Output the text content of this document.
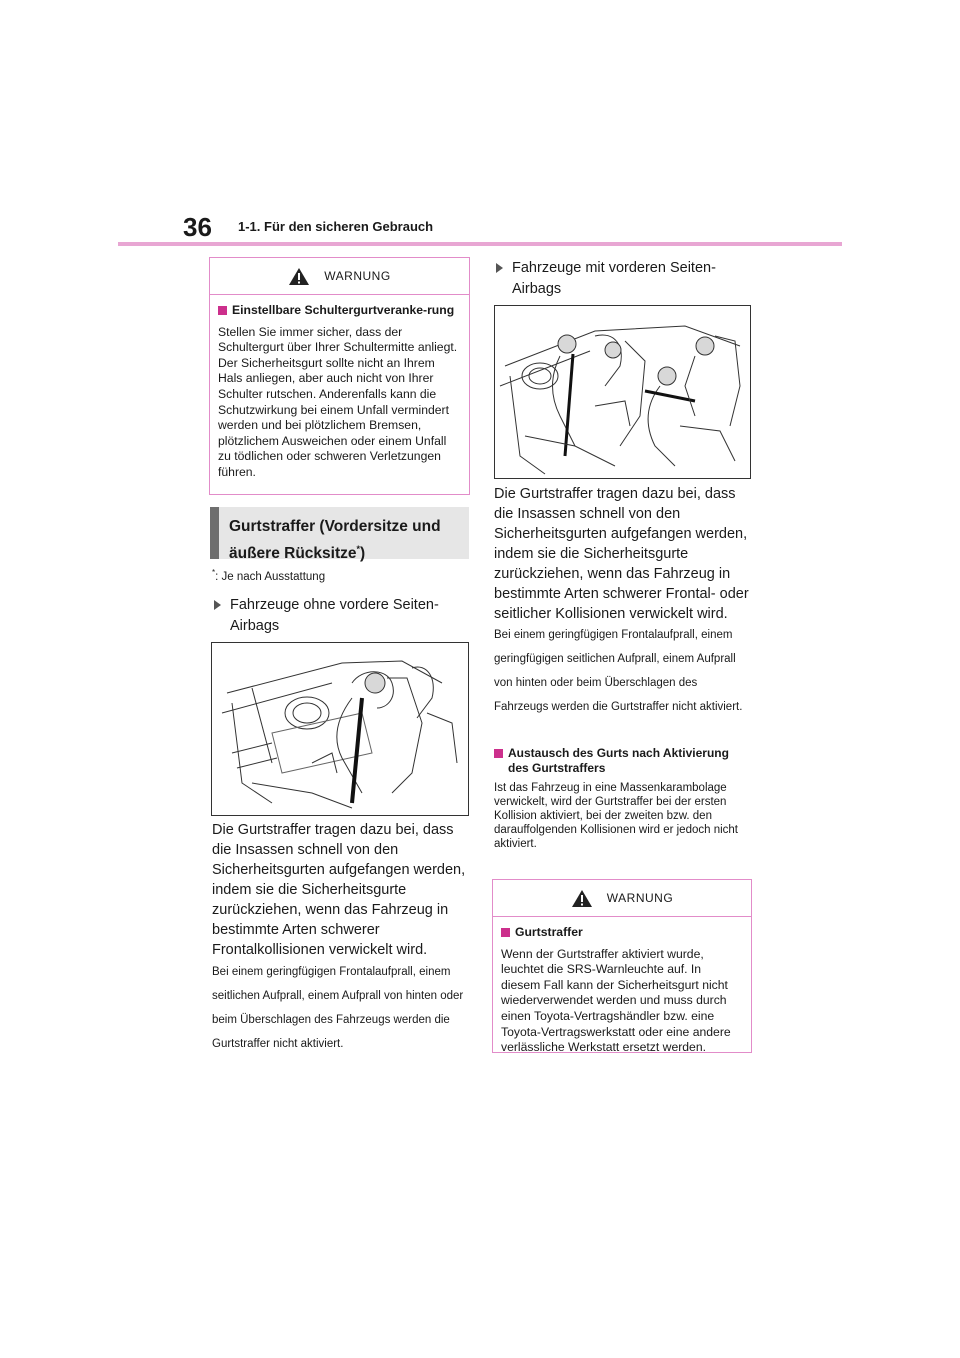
36 1-1. Für den sicheren Gebrauch
WARNUNG
Einstellbare Schultergurtveranke-rung
Stellen Sie immer sicher, dass der Schultergurt über Ihrer Schultermitte anliegt. Der Sicherheitsgurt sollte nicht an Ihrem Hals anliegen, aber auch nicht von Ihrer Schulter rutschen. Anderenfalls kann die Schutzwirkung bei einem Unfall vermindert werden und bei plötzlichem Bremsen, plötzlichem Ausweichen oder einem Unfall zu tödlichen oder schweren Verletzungen führen.
Gurtstraffer (Vordersitze und
äußere Rücksitze*)
*: Je nach Ausstattung
Fahrzeuge ohne vordere Seiten-Airbags
Die Gurtstraffer tragen dazu bei, dass die Insassen schnell von den Sicherheitsgurten aufgefangen werden, indem sie die Sicherheitsgurte zurückziehen, wenn das Fahrzeug in bestimmte Arten schwerer Frontalkollisionen verwickelt wird.
Bei einem geringfügigen Frontalaufprall, einem seitlichen Aufprall, einem Aufprall von hinten oder beim Überschlagen des Fahrzeugs werden die Gurtstraffer nicht aktiviert.
Fahrzeuge mit vorderen Seiten-Airbags
Die Gurtstraffer tragen dazu bei, dass die Insassen schnell von den Sicherheitsgurten aufgefangen werden, indem sie die Sicherheitsgurte zurückziehen, wenn das Fahrzeug in bestimmte Arten schwerer Frontal- oder seitlicher Kollisionen verwickelt wird.
Bei einem geringfügigen Frontalaufprall, einem geringfügigen seitlichen Aufprall, einem Aufprall von hinten oder beim Überschlagen des Fahrzeugs werden die Gurtstraffer nicht aktiviert.
Austausch des Gurts nach Aktivierung des Gurtstraffers
Ist das Fahrzeug in eine Massenkarambolage verwickelt, wird der Gurtstraffer bei der ersten Kollision aktiviert, bei der zweiten bzw. den darauffolgenden Kollisionen wird er jedoch nicht aktiviert.
WARNUNG
Gurtstraffer
Wenn der Gurtstraffer aktiviert wurde, leuchtet die SRS-Warnleuchte auf. In diesem Fall kann der Sicherheitsgurt nicht wiederverwendet werden und muss durch einen Toyota-Vertragshändler bzw. eine Toyota-Vertragswerkstatt oder eine andere verlässliche Werkstatt ersetzt werden.
